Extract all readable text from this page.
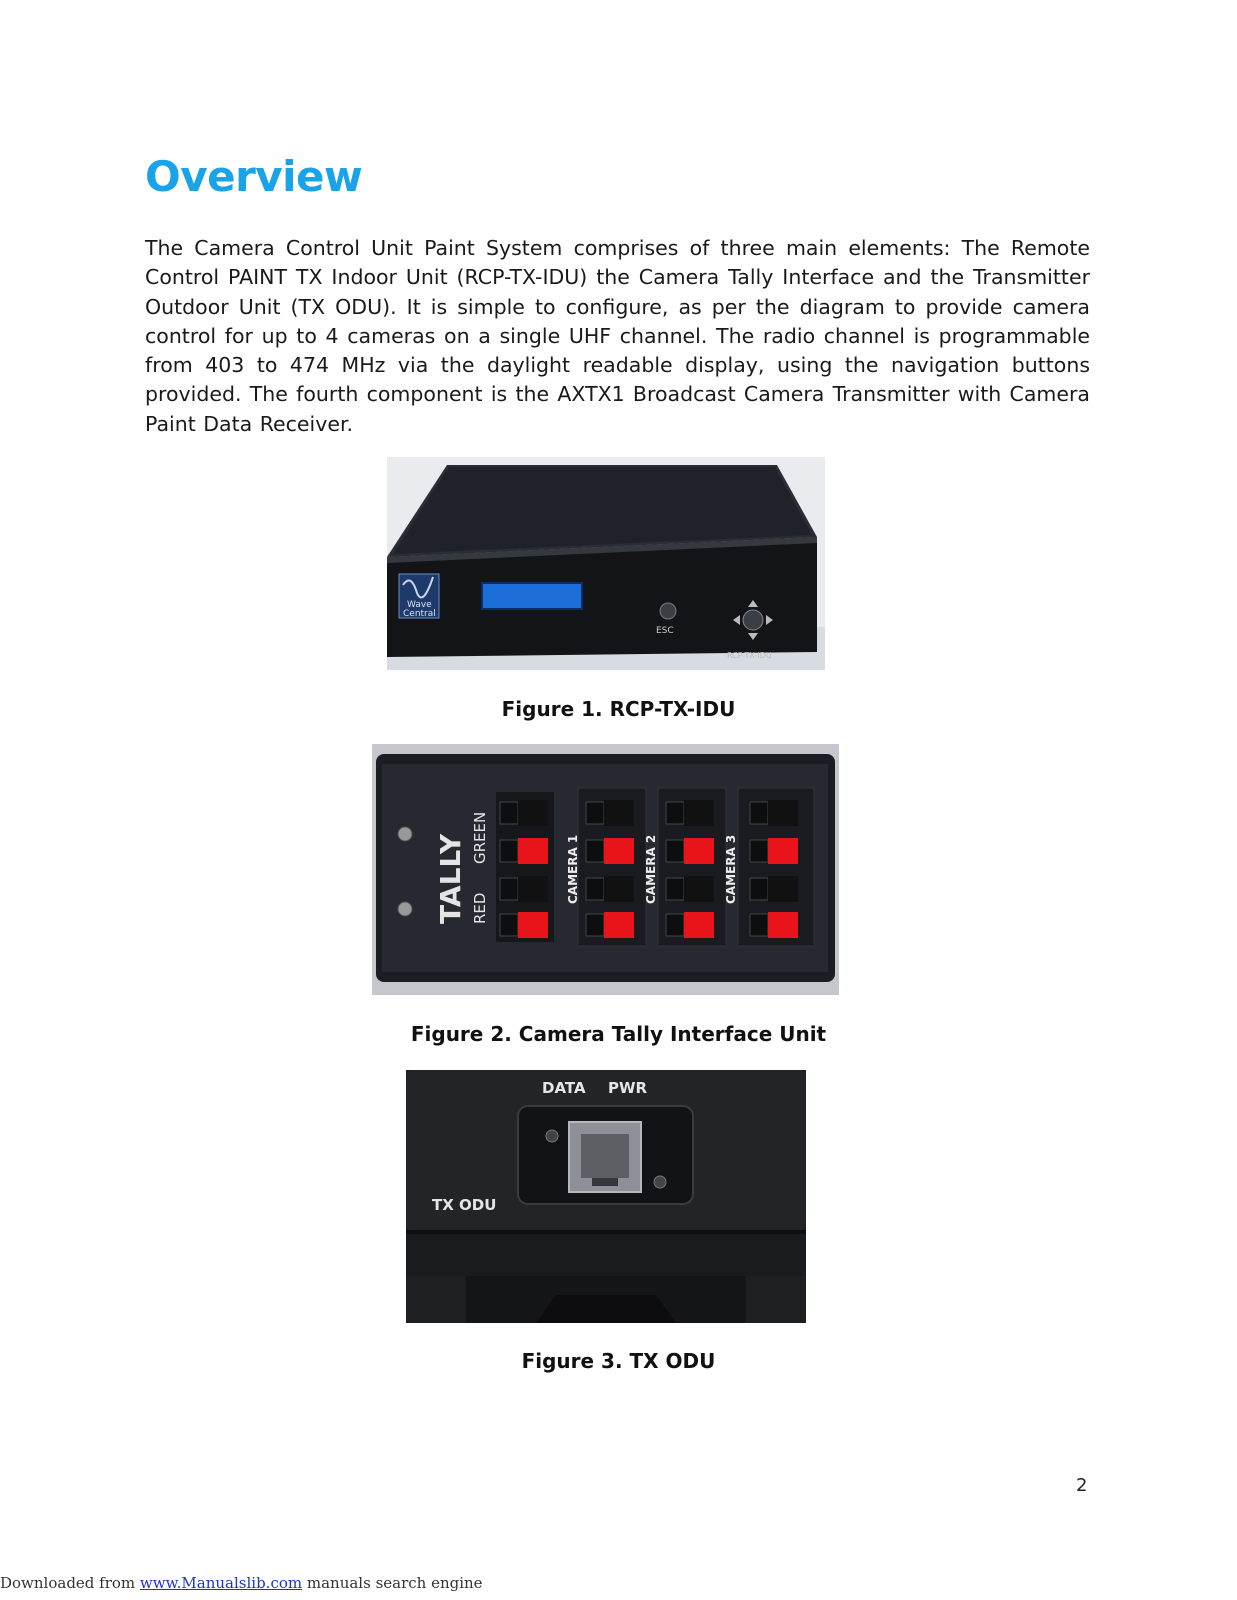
Overview

The Camera Control Unit Paint System comprises of three main elements: The Remote Control PAINT TX Indoor Unit (RCP-TX-IDU) the Camera Tally Interface and the Transmitter Outdoor Unit (TX ODU). It is simple to configure, as per the diagram to provide camera control for up to 4 cameras on a single UHF channel. The radio channel is programmable from 403 to 474 MHz via the daylight readable display, using the navigation buttons provided. The fourth component is the AXTX1 Broadcast Camera Transmitter with Camera Paint Data Receiver.

Wave
Central
ESC
RCP-TX-IDU
Figure 1. RCP-TX-IDU
TALLY RED
GREEN	CAMERA 1	CAMERA 2	CAMERA 3
Figure 2. Camera Tally Interface Unit
DATA PWR
TX ODU
Figure 3. TX ODU
2
Downloaded from www.Manualslib.com manuals search engine
